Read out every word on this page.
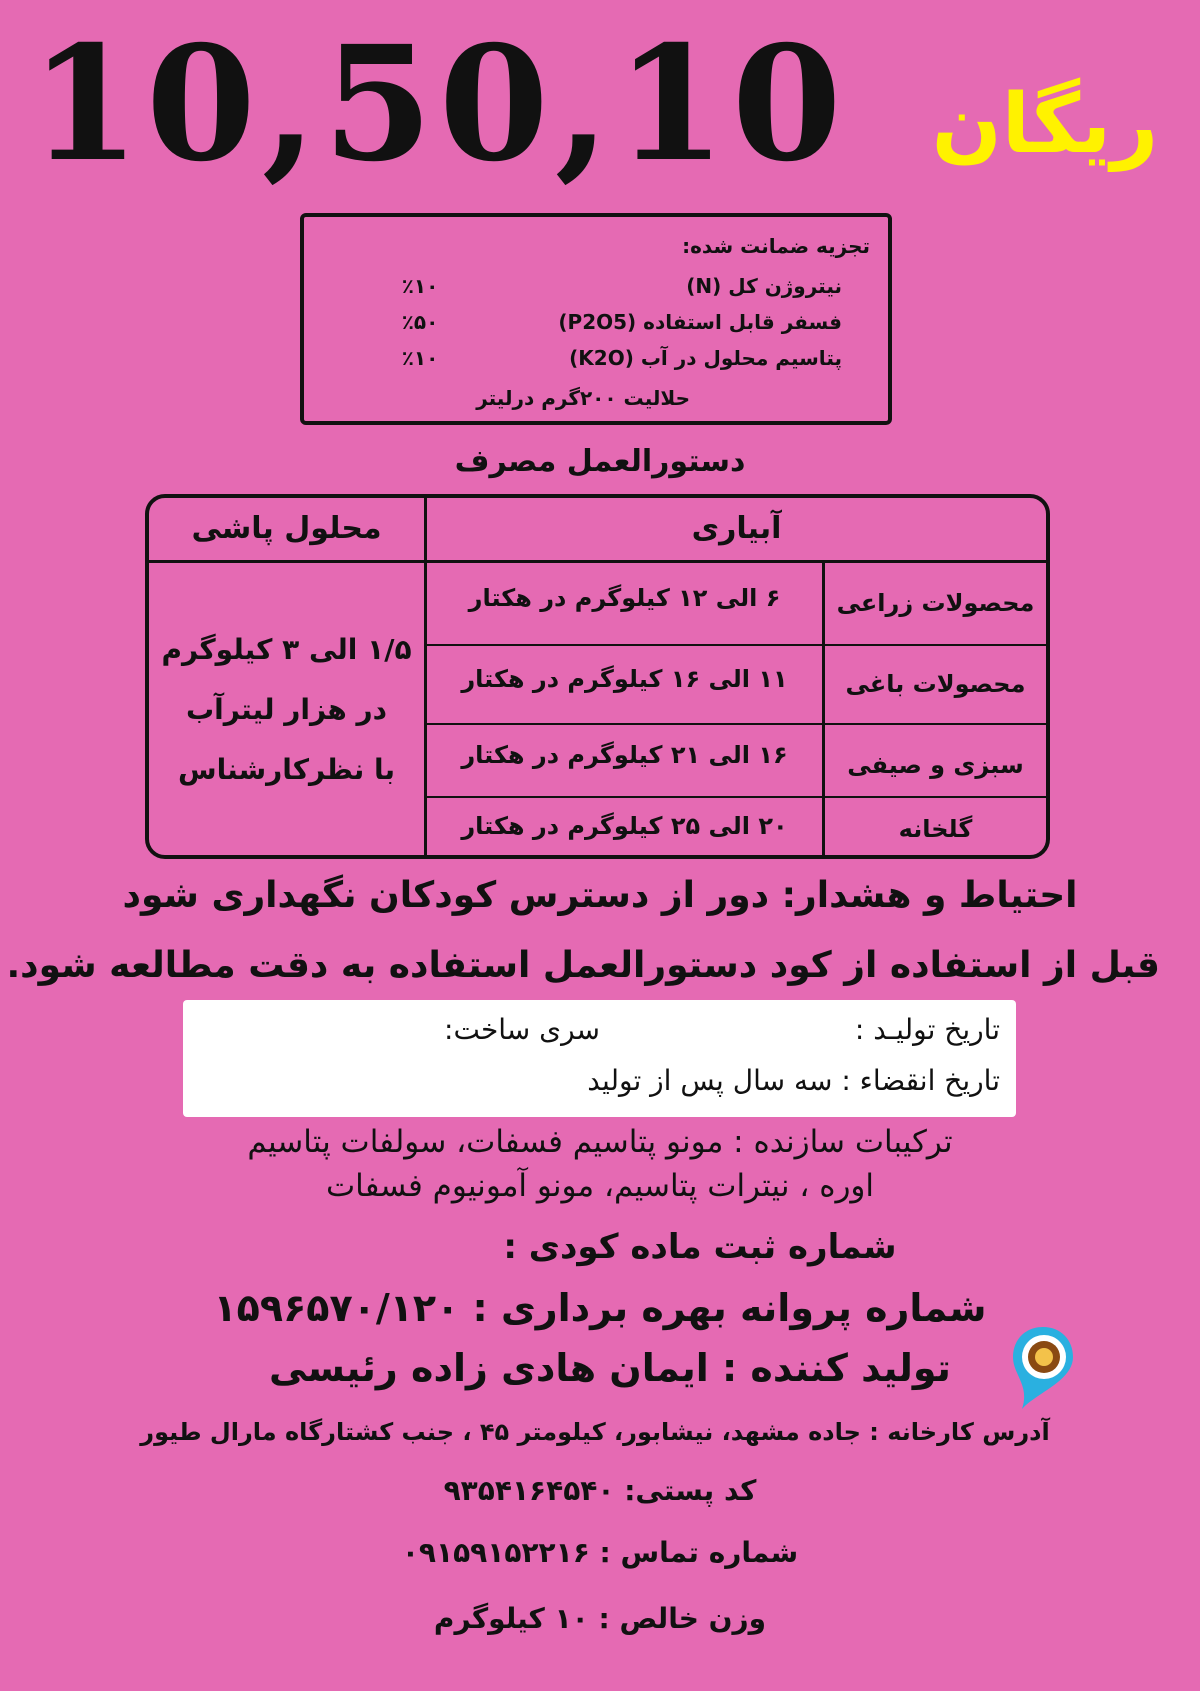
10,50,10	ریگان
تجزیه ضمانت شده:
نیتروژن کل (N)
٪۱۰
فسفر قابل استفاده (P2O5)
٪۵۰
پتاسیم محلول در آب (K2O)
٪۱۰
حلالیت ۲۰۰گرم درلیتر
دستورالعمل مصرف
آبیاری
محلول پاشی
محصولات زراعی
۶ الی ۱۲ کیلوگرم در هکتار
محصولات باغی
۱۱ الی ۱۶ کیلوگرم در هکتار
سبزی و صیفی
۱۶ الی ۲۱ کیلوگرم در هکتار
گلخانه
۲۰ الی ۲۵ کیلوگرم در هکتار
۱/۵ الی ۳ کیلوگرم
در هزار لیترآب
با نظرکارشناس
احتیاط و هشدار: دور از دسترس کودکان نگهداری شود
قبل از استفاده از کود دستورالعمل استفاده به دقت مطالعه شود.
تاریخ تولیـد :
سری ساخت:
تاریخ انقضاء : سه سال پس از تولید
ترکیبات سازنده : مونو پتاسیم فسفات، سولفات پتاسیم
اوره ، نیترات پتاسیم، مونو آمونیوم فسفات
شماره ثبت ماده کودی :
شماره پروانه بهره برداری : ۱۵۹۶۵۷۰/۱۲۰
تولید کننده : ایمان هادی زاده رئیسی
آدرس کارخانه : جاده مشهد، نیشابور، کیلومتر ۴۵ ، جنب کشتارگاه مارال طیور
کد پستی: ۹۳۵۴۱۶۴۵۴۰
شماره تماس : ۰۹۱۵۹۱۵۲۲۱۶
وزن خالص : ۱۰ کیلوگرم
